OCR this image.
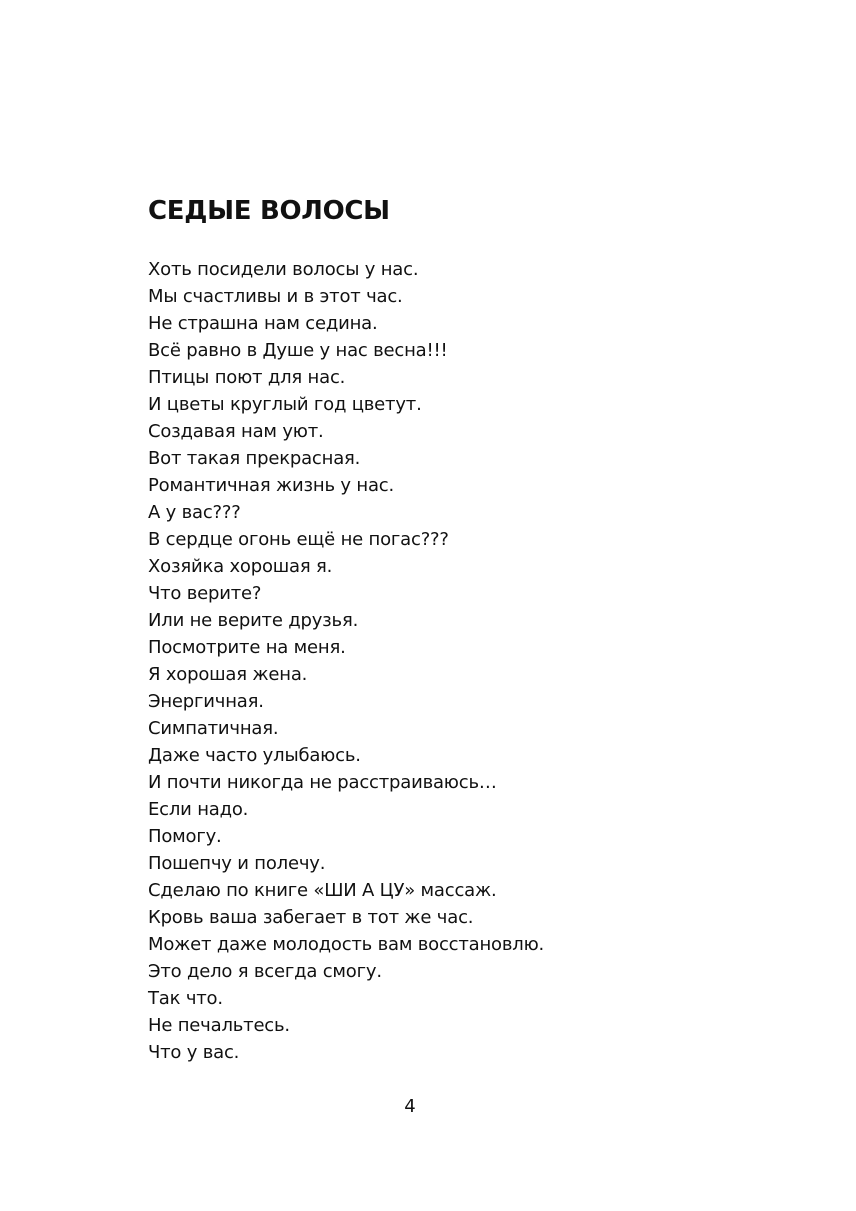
СЕДЫЕ ВОЛОСЫ
Хоть посидели волосы у нас.
Мы счастливы и в этот час.
Не страшна нам седина.
Всё равно в Душе у нас весна!!!
Птицы поют для нас.
И цветы круглый год цветут.
Создавая нам уют.
Вот такая прекрасная.
Романтичная жизнь у нас.
А у вас???
В сердце огонь ещё не погас???
Хозяйка хорошая я.
Что верите?
Или не верите друзья.
Посмотрите на меня.
Я хорошая жена.
Энергичная.
Симпатичная.
Даже часто улыбаюсь.
И почти никогда не расстраиваюсь…
Если надо.
Помогу.
Пошепчу и полечу.
Сделаю по книге «ШИ А ЦУ» массаж.
Кровь ваша забегает в тот же час.
Может даже молодость вам восстановлю.
Это дело я всегда смогу.
Так что.
Не печальтесь.
Что у вас.
4
